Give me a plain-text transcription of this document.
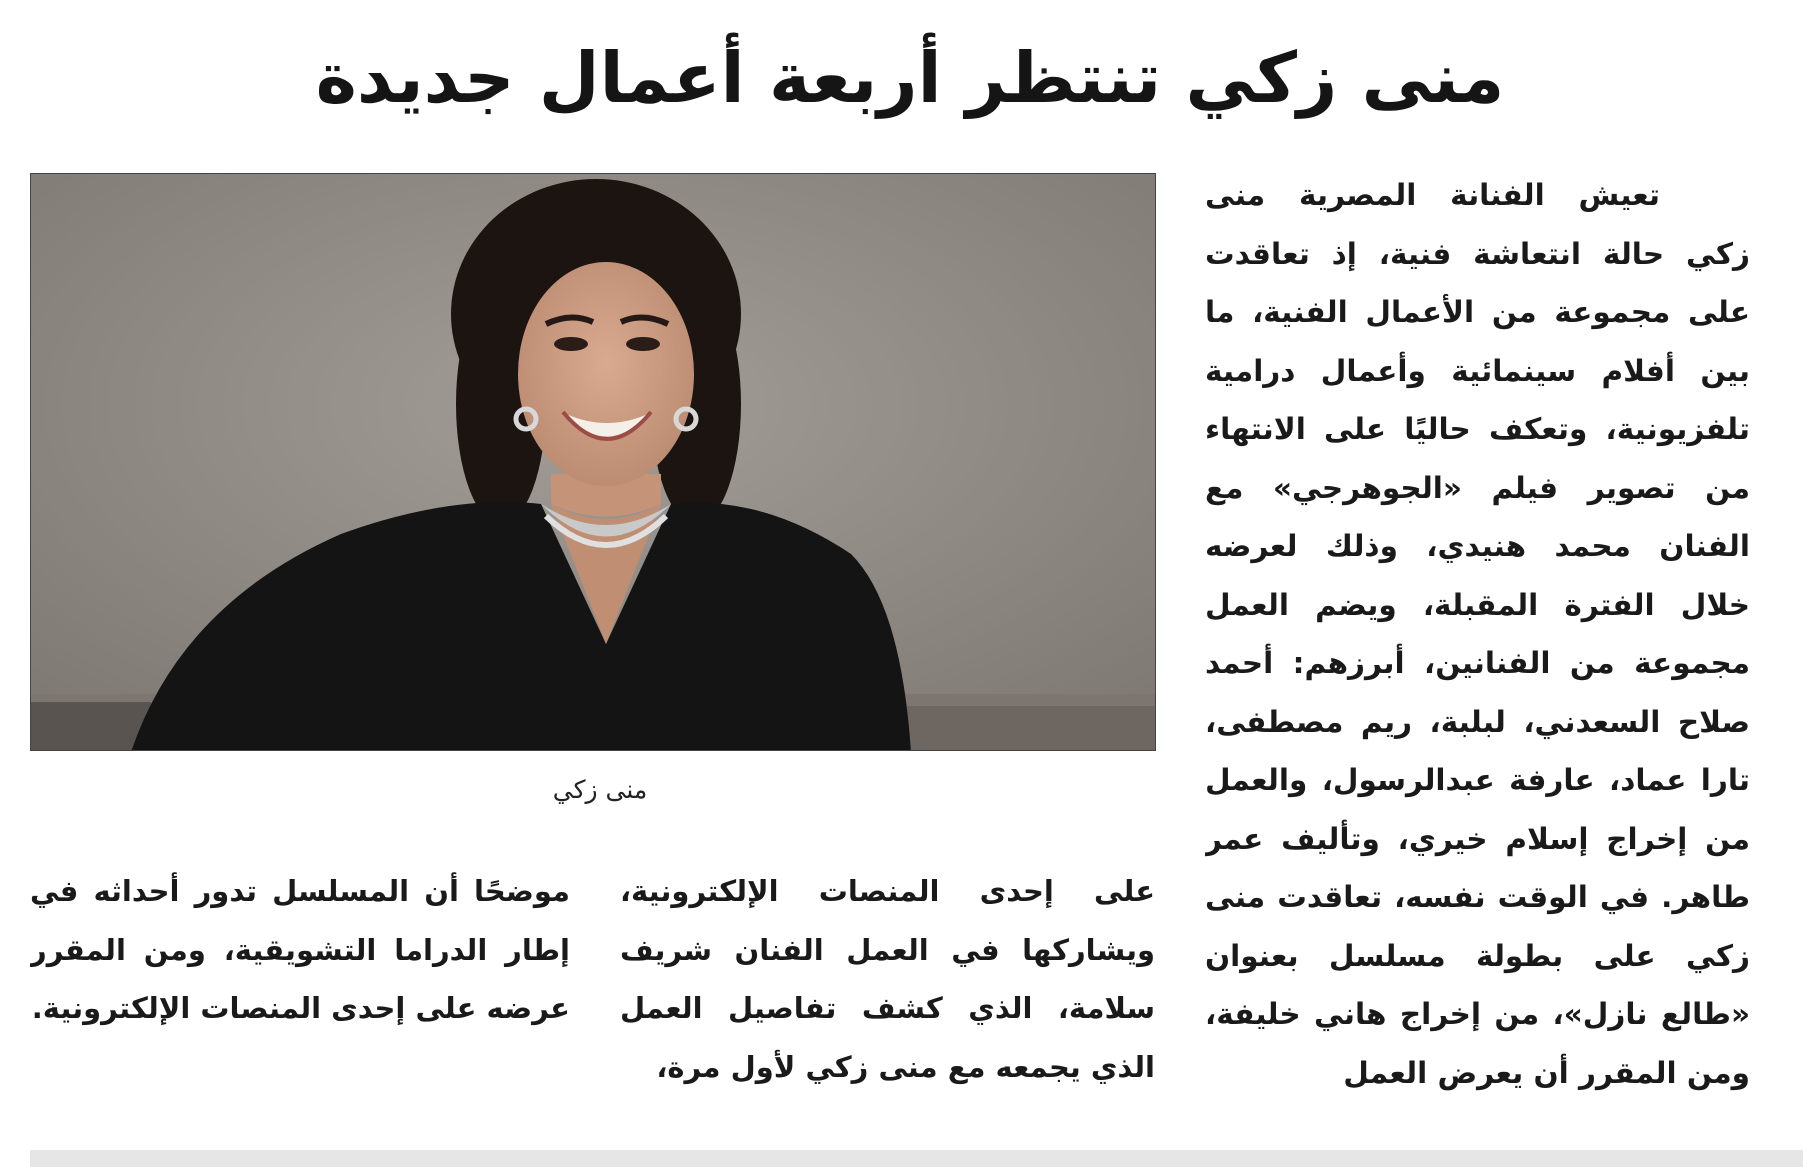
منى زكي تنتظر أربعة أعمال جديدة

تعيش الفنانة المصرية منى زكي حالة انتعاشة فنية، إذ تعاقدت على مجموعة من الأعمال الفنية، ما بين أفلام سينمائية وأعمال درامية تلفزيونية، وتعكف حاليًا على الانتهاء من تصوير فيلم «الجوهرجي» مع الفنان محمد هنيدي، وذلك لعرضه خلال الفترة المقبلة، ويضم العمل مجموعة من الفنانين، أبرزهم: أحمد صلاح السعدني، لبلبة، ريم مصطفى، تارا عماد، عارفة عبدالرسول، والعمل من إخراج إسلام خيري، وتأليف عمر طاهر. في الوقت نفسه، تعاقدت منى زكي على بطولة مسلسل بعنوان «طالع نازل»، من إخراج هاني خليفة، ومن المقرر أن يعرض العمل

منى زكي

على إحدى المنصات الإلكترونية، ويشاركها في العمل الفنان شريف سلامة، الذي كشف تفاصيل العمل الذي يجمعه مع منى زكي لأول مرة،

موضحًا أن المسلسل تدور أحداثه في إطار الدراما التشويقية، ومن المقرر عرضه على إحدى المنصات الإلكترونية.
